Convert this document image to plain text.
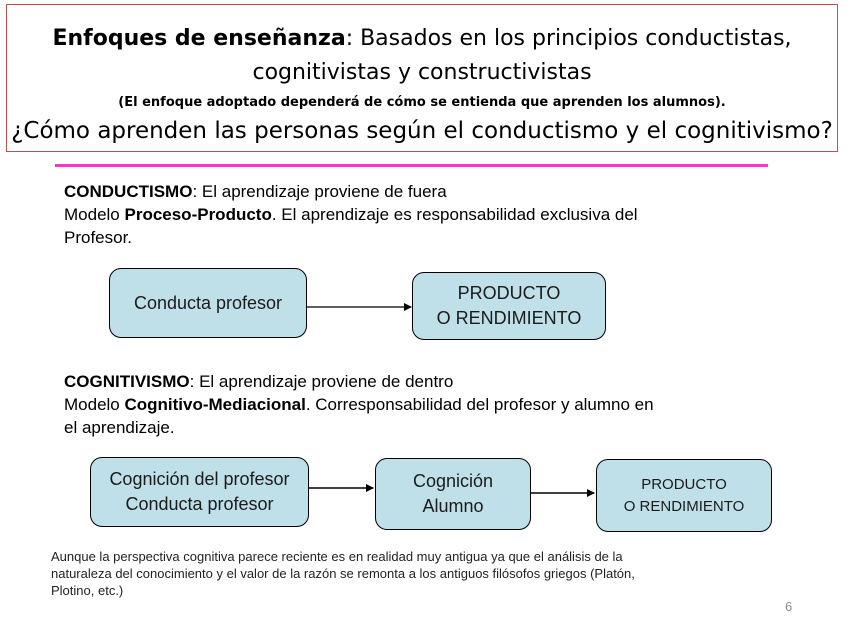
Enfoques de enseñanza: Basados en los principios conductistas,
cognitivistas y constructivistas
(El enfoque adoptado dependerá de cómo se entienda que aprenden los alumnos).
¿Cómo aprenden las personas según el conductismo y el cognitivismo?
CONDUCTISMO: El aprendizaje proviene de fuera
Modelo Proceso-Producto. El aprendizaje es responsabilidad exclusiva del
Profesor.
Conducta profesor	PRODUCTO
O RENDIMIENTO
COGNITIVISMO: El aprendizaje proviene de dentro
Modelo Cognitivo-Mediacional. Corresponsabilidad del profesor y alumno en
el aprendizaje.
Cognición del profesor
Conducta profesor
Cognición
Alumno
PRODUCTO
O RENDIMIENTO
Aunque la perspectiva cognitiva parece reciente es en realidad muy antigua ya que el análisis de la
naturaleza del conocimiento y el valor de la razón se remonta a los antiguos filósofos griegos (Platón,
Plotino, etc.)
6
